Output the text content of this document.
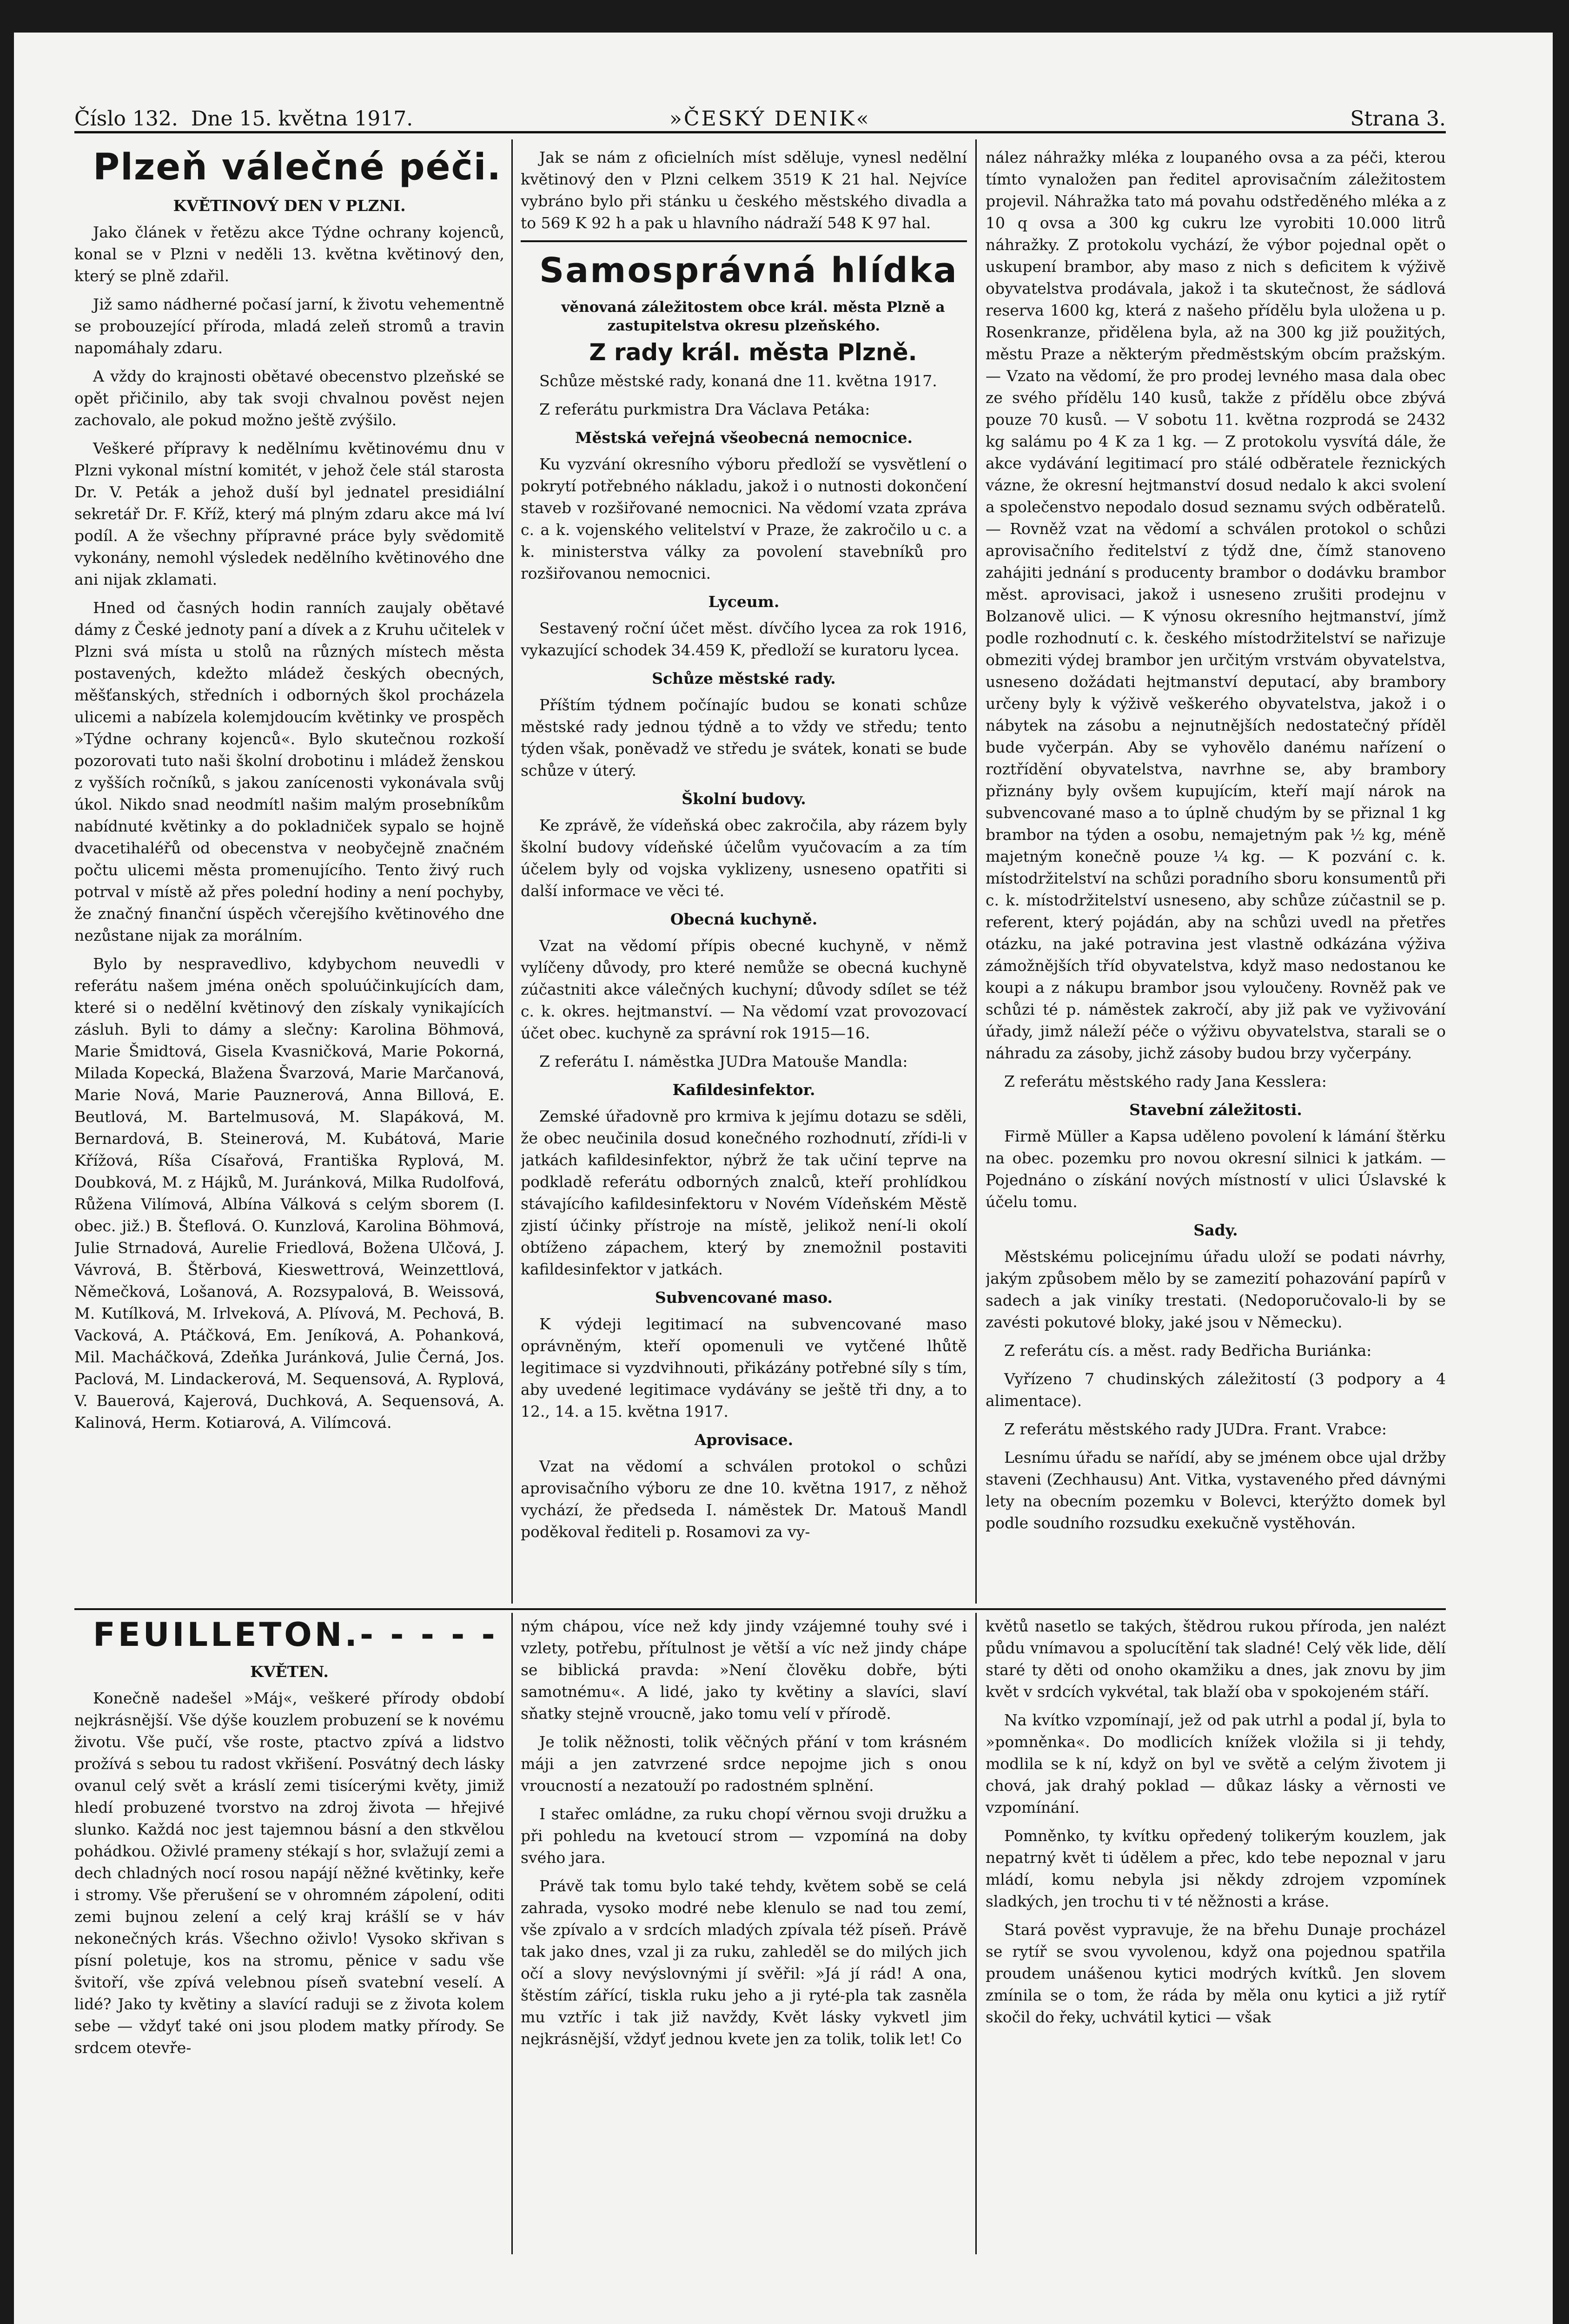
Číslo 132. Dne 15. května 1917.	»ČESKÝ DENIK«	Strana 3.

Plzeň válečné péči.

KVĚTINOVÝ DEN V PLZNI.

Jako článek v řetězu akce Týdne ochrany kojenců, konal se v Plzni v neděli 13. května květinový den, který se plně zdařil.

Již samo nádherné počasí jarní, k životu vehementně se probouzející příroda, mladá zeleň stromů a travin napomáhaly zdaru.

A vždy do krajnosti obětavé obecenstvo plzeňské se opět přičinilo, aby tak svoji chvalnou pověst nejen zachovalo, ale pokud možno ještě zvýšilo.

Veškeré přípravy k nedělnímu květinovému dnu v Plzni vykonal místní komitét, v jehož čele stál starosta Dr. V. Peták a jehož duší byl jednatel presidiální sekretář Dr. F. Kříž, který má plným zdaru akce má lví podíl. A že všechny přípravné práce byly svědomitě vykonány, nemohl výsledek nedělního květinového dne ani nijak zklamati.

Hned od časných hodin ranních zaujaly obětavé dámy z České jednoty paní a dívek a z Kruhu učitelek v Plzni svá místa u stolů na různých místech města postavených, kdežto mládež českých obecných, měšťanských, středních i odborných škol procházela ulicemi a nabízela kolemjdoucím květinky ve prospěch »Týdne ochrany kojenců«. Bylo skutečnou rozkoší pozorovati tuto naši školní drobotinu i mládež ženskou z vyšších ročníků, s jakou zanícenosti vykonávala svůj úkol. Nikdo snad neodmítl našim malým prosebníkům nabídnuté květinky a do pokladniček sypalo se hojně dvacetihaléřů od obecenstva v neobyčejně značném počtu ulicemi města promenujícího. Tento živý ruch potrval v místě až přes polední hodiny a není pochyby, že značný finanční úspěch včerejšího květinového dne nezůstane nijak za morálním.

Bylo by nespravedlivo, kdybychom neuvedli v referátu našem jména oněch spoluúčinkujících dam, které si o nedělní květinový den získaly vynikajících zásluh. Byli to dámy a slečny: Karolina Böhmová, Marie Šmidtová, Gisela Kvasničková, Marie Pokorná, Milada Kopecká, Blažena Švarzová, Marie Marčanová, Marie Nová, Marie Pauznerová, Anna Billová, E. Beutlová, M. Bartelmusová, M. Slapáková, M. Bernardová, B. Steinerová, M. Kubátová, Marie Křížová, Ríša Císařová, Františka Ryplová, M. Doubková, M. z Hájků, M. Juránková, Milka Rudolfová, Růžena Vilímová, Albína Válková s celým sborem (I. obec. již.) B. Šteflová. O. Kunzlová, Karolina Böhmová, Julie Strnadová, Aurelie Friedlová, Božena Ulčová, J. Vávrová, B. Štěrbová, Kieswettrová, Weinzettlová, Němečková, Lošanová, A. Rozsypalová, B. Weissová, M. Kutílková, M. Irlveková, A. Plívová, M. Pechová, B. Vacková, A. Ptáčková, Em. Jeníková, A. Pohanková, Mil. Macháčková, Zdeňka Juránková, Julie Černá, Jos. Paclová, M. Lindackerová, M. Sequensová, A. Ryplová, V. Bauerová, Kajerová, Duchková, A. Sequensová, A. Kalinová, Herm. Kotiarová, A. Vilímcová.

Jak se nám z oficielních míst sděluje, vynesl nedělní květinový den v Plzni celkem 3519 K 21 hal. Nejvíce vybráno bylo při stánku u českého městského divadla a to 569 K 92 h a pak u hlavního nádraží 548 K 97 hal.

Samosprávná hlídka

věnovaná záležitostem obce král. města Plzně a zastupitelstva okresu plzeňského.

Z rady král. města Plzně.

Schůze městské rady, konaná dne 11. května 1917.

Z referátu purkmistra Dra Václava Petáka:

Městská veřejná všeobecná nemocnice.

Ku vyzvání okresního výboru předloží se vysvětlení o pokrytí potřebného nákladu, jakož i o nutnosti dokončení staveb v rozšiřované nemocnici. Na vědomí vzata zpráva c. a k. vojenského velitelství v Praze, že zakročilo u c. a k. ministerstva války za povolení stavebníků pro rozšiřovanou nemocnici.

Lyceum.

Sestavený roční účet měst. dívčího lycea za rok 1916, vykazující schodek 34.459 K, předloží se kuratoru lycea.

Schůze městské rady.

Příštím týdnem počínajíc budou se konati schůze městské rady jednou týdně a to vždy ve středu; tento týden však, poněvadž ve středu je svátek, konati se bude schůze v úterý.

Školní budovy.

Ke zprávě, že vídeňská obec zakročila, aby rázem byly školní budovy vídeňské účelům vyučovacím a za tím účelem byly od vojska vyklizeny, usneseno opatřiti si další informace ve věci té.

Obecná kuchyně.

Vzat na vědomí přípis obecné kuchyně, v němž vylíčeny důvody, pro které nemůže se obecná kuchyně zúčastniti akce válečných kuchyní; důvody sdílet se též c. k. okres. hejtmanství. — Na vědomí vzat provozovací účet obec. kuchyně za správní rok 1915—16.

Z referátu I. náměstka JUDra Matouše Mandla:

Kafildesinfektor.

Zemské úřadovně pro krmiva k jejímu dotazu se sděli, že obec neučinila dosud konečného rozhodnutí, zřídi-li v jatkách kafildesinfektor, nýbrž že tak učiní teprve na podkladě referátu odborných znalců, kteří prohlídkou stávajícího kafildesinfektoru v Novém Vídeňském Městě zjistí účinky přístroje na místě, jelikož není-li okolí obtíženo zápachem, který by znemožnil postaviti kafildesinfektor v jatkách.

Subvencované maso.

K výdeji legitimací na subvencované maso oprávněným, kteří opomenuli ve vytčené lhůtě legitimace si vyzdvihnouti, přikázány potřebné síly s tím, aby uvedené legitimace vydávány se ještě tři dny, a to 12., 14. a 15. května 1917.

Aprovisace.

Vzat na vědomí a schválen protokol o schůzi aprovisačního výboru ze dne 10. května 1917, z něhož vychází, že předseda I. náměstek Dr. Matouš Mandl poděkoval řediteli p. Rosamovi za vy-

nález náhražky mléka z loupaného ovsa a za péči, kterou tímto vynaložen pan ředitel aprovisačním záležitostem projevil. Náhražka tato má povahu odstředěného mléka a z 10 q ovsa a 300 kg cukru lze vyrobiti 10.000 litrů náhražky. Z protokolu vychází, že výbor pojednal opět o uskupení brambor, aby maso z nich s deficitem k výživě obyvatelstva prodávala, jakož i ta skutečnost, že sádlová reserva 1600 kg, která z našeho přídělu byla uložena u p. Rosenkranze, přidělena byla, až na 300 kg již použitých, městu Praze a některým předměstským obcím pražským. — Vzato na vědomí, že pro prodej levného masa dala obec ze svého přídělu 140 kusů, takže z přídělu obce zbývá pouze 70 kusů. — V sobotu 11. května rozprodá se 2432 kg salámu po 4 K za 1 kg. — Z protokolu vysvítá dále, že akce vydávání legitimací pro stálé odběratele řeznických vázne, že okresní hejtmanství dosud nedalo k akci svolení a společenstvo nepodalo dosud seznamu svých odběratelů. — Rovněž vzat na vědomí a schválen protokol o schůzi aprovisačního ředitelství z týdž dne, čímž stanoveno zahájiti jednání s producenty brambor o dodávku brambor měst. aprovisaci, jakož i usneseno zrušiti prodejnu v Bolzanově ulici. — K výnosu okresního hejtmanství, jímž podle rozhodnutí c. k. českého místodržitelství se nařizuje obmeziti výdej brambor jen určitým vrstvám obyvatelstva, usneseno dožádati hejtmanství deputací, aby brambory určeny byly k výživě veškerého obyvatelstva, jakož i o nábytek na zásobu a nejnutnějších nedostatečný příděl bude vyčerpán. Aby se vyhovělo danému nařízení o roztřídění obyvatelstva, navrhne se, aby brambory přiznány byly ovšem kupujícím, kteří mají nárok na subvencované maso a to úplně chudým by se přiznal 1 kg brambor na týden a osobu, nemajetným pak ½ kg, méně majetným konečně pouze ¼ kg. — K pozvání c. k. místodržitelství na schůzi poradního sboru konsumentů při c. k. místodržitelství usneseno, aby schůze zúčastnil se p. referent, který pojádán, aby na schůzi uvedl na přetřes otázku, na jaké potravina jest vlastně odkázána výživa zámožnějších tříd obyvatelstva, když maso nedostanou ke koupi a z nákupu brambor jsou vyloučeny. Rovněž pak ve schůzi té p. náměstek zakročí, aby již pak ve vyživování úřady, jimž náleží péče o výživu obyvatelstva, starali se o náhradu za zásoby, jichž zásoby budou brzy vyčerpány.

Z referátu městského rady Jana Kesslera:

Stavební záležitosti.

Firmě Müller a Kapsa uděleno povolení k lámání štěrku na obec. pozemku pro novou okresní silnici k jatkám. — Pojednáno o získání nových místností v ulici Úslavské k účelu tomu.

Sady.

Městskému policejnímu úřadu uloží se podati návrhy, jakým způsobem mělo by se zamezití pohazování papírů v sadech a jak viníky trestati. (Nedoporučovalo-li by se zavésti pokutové bloky, jaké jsou v Německu).

Z referátu cís. a měst. rady Bedřicha Buriánka:

Vyřízeno 7 chudinských záležitostí (3 podpory a 4 alimentace).

Z referátu městského rady JUDra. Frant. Vrabce:

Lesnímu úřadu se nařídí, aby se jménem obce ujal držby staveni (Zechhausu) Ant. Vitka, vystaveného před dávnými lety na obecním pozemku v Bolevci, kterýžto domek byl podle soudního rozsudku exekučně vystěhován.

FEUILLETON.- - - - -

KVĚTEN.

Konečně nadešel »Máj«, veškeré přírody období nejkrásnější. Vše dýše kouzlem probuzení se k novému životu. Vše pučí, vše roste, ptactvo zpívá a lidstvo prožívá s sebou tu radost vkřišení. Posvátný dech lásky ovanul celý svět a kráslí zemi tisícerými květy, jimiž hledí probuzené tvorstvo na zdroj života — hřejivé slunko. Každá noc jest tajemnou básní a den stkvělou pohádkou. Oživlé prameny stékají s hor, svlažují zemi a dech chladných nocí rosou napájí něžné květinky, keře i stromy. Vše přerušení se v ohromném zápolení, oditi zemi bujnou zelení a celý kraj krášlí se v háv nekonečných krás. Všechno oživlo! Vysoko skřivan s písní poletuje, kos na stromu, pěnice v sadu vše švitoří, vše zpívá velebnou píseň svatební veselí. A lidé? Jako ty květiny a slavící raduji se z života kolem sebe — vždyť také oni jsou plodem matky přírody. Se srdcem otevře-

ným chápou, více než kdy jindy vzájemné touhy své i vzlety, potřebu, přítulnost je větší a víc než jindy chápe se biblická pravda: »Není člověku dobře, býti samotnému«. A lidé, jako ty květiny a slavíci, slaví sňatky stejně vroucně, jako tomu velí v přírodě.

Je tolik něžnosti, tolik věčných přání v tom krásném máji a jen zatvrzené srdce nepojme jich s onou vroucností a nezatouží po radostném splnění.

I stařec omládne, za ruku chopí věrnou svoji družku a při pohledu na kvetoucí strom — vzpomíná na doby svého jara.

Právě tak tomu bylo také tehdy, květem sobě se celá zahrada, vysoko modré nebe klenulo se nad tou zemí, vše zpívalo a v srdcích mladých zpívala též píseň. Právě tak jako dnes, vzal ji za ruku, zahleděl se do milých jich očí a slovy nevýslovnými jí svěřil: »Já jí rád! A ona, štěstím zářící, tiskla ruku jeho a ji ryté-pla tak zasněla mu vztříc i tak již navždy, Květ lásky vykvetl jim nejkrásnější, vždyť jednou kvete jen za tolik, tolik let! Co

květů nasetlo se takých, štědrou rukou příroda, jen nalézt půdu vnímavou a spolucítění tak sladné! Celý věk lide, dělí staré ty děti od onoho okamžiku a dnes, jak znovu by jim květ v srdcích vykvétal, tak blaží oba v spokojeném stáří.

Na kvítko vzpomínají, jež od pak utrhl a podal jí, byla to »pomněnka«. Do modlicích knížek vložila si ji tehdy, modlila se k ní, když on byl ve světě a celým životem ji chová, jak drahý poklad — důkaz lásky a věrnosti ve vzpomínání.

Pomněnko, ty kvítku opředený tolikerým kouzlem, jak nepatrný květ ti údělem a přec, kdo tebe nepoznal v jaru mládí, komu nebyla jsi někdy zdrojem vzpomínek sladkých, jen trochu ti v té něžnosti a kráse.

Stará pověst vypravuje, že na břehu Dunaje procházel se rytíř se svou vyvolenou, když ona pojednou spatřila proudem unášenou kytici modrých kvítků. Jen slovem zmínila se o tom, že ráda by měla onu kytici a již rytíř skočil do řeky, uchvátil kytici — však
